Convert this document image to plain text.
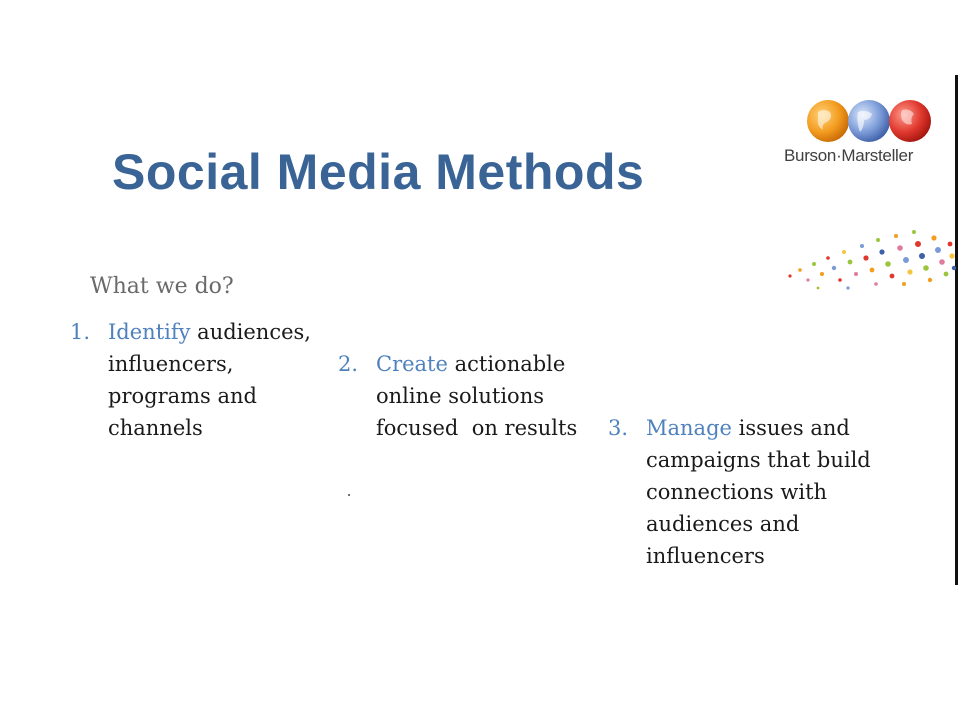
Social Media Methods	Burson·Marsteller

What we do?

1. Identify audiences,
influencers,
programs and
channels
2. Create actionable
online solutions
focused  on results	3. Manage issues and
campaigns that build
connections with
audiences and
influencers
